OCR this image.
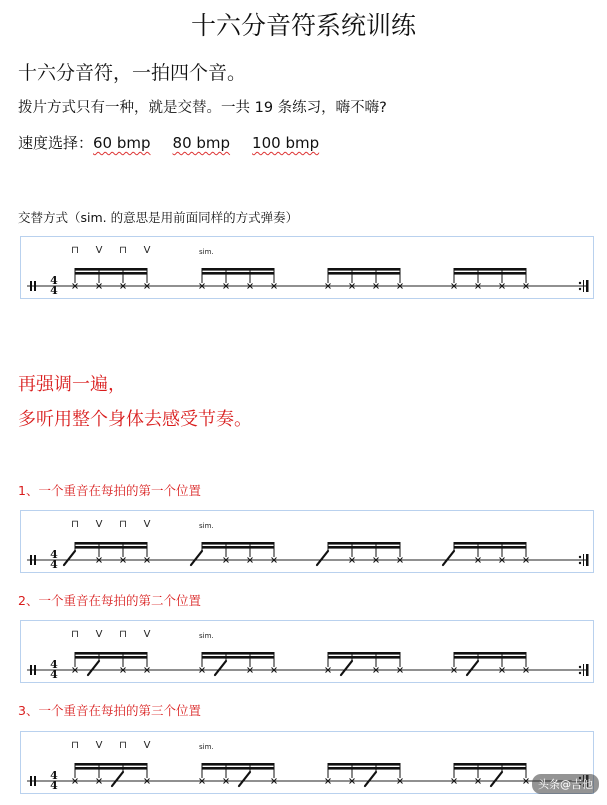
十六分音符系统训练
十六分音符，一拍四个音。
拨片方式只有一种，就是交替。一共 19 条练习，嗨不嗨?
速度选择：60 bmp 80 bmp 100 bmp
交替方式（sim. 的意思是用前面同样的方式弹奏）
4
4
⊓ V ⊓ V	sim.
再强调一遍，
多听用整个身体去感受节奏。
1、一个重音在每拍的第一个位置
4
4
⊓ V ⊓ V	sim.
2、一个重音在每拍的第二个位置
4
4
⊓ V ⊓ V	sim.
3、一个重音在每拍的第三个位置
4
4
⊓ V ⊓ V	sim.
头条@吉他
